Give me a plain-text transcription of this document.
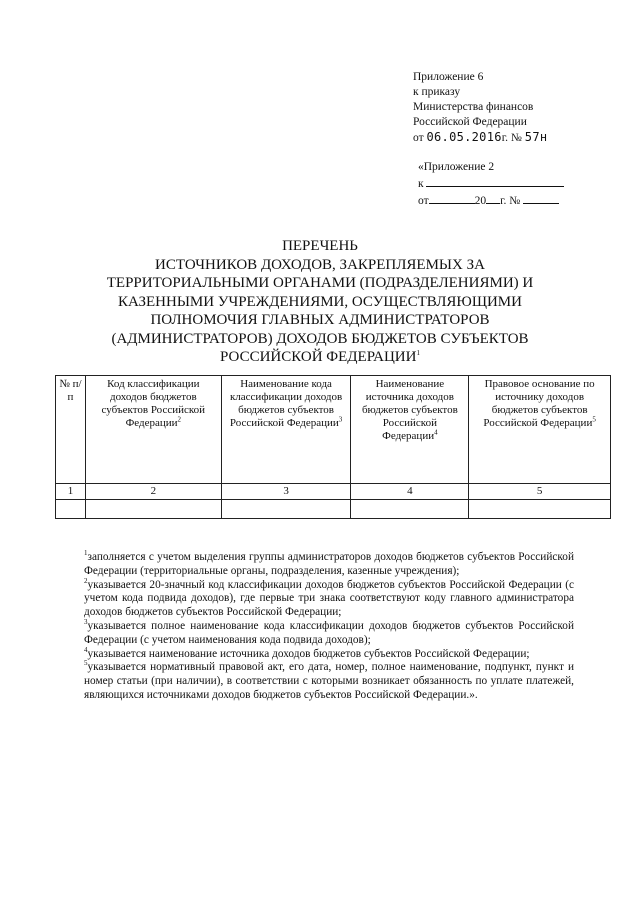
Приложение 6
к приказу
Министерства финансов
Российской Федерации
от 06.05.2016г. № 57н
«Приложение 2
к
от	20 г. №
ПЕРЕЧЕНЬ
ИСТОЧНИКОВ ДОХОДОВ, ЗАКРЕПЛЯЕМЫХ ЗА
ТЕРРИТОРИАЛЬНЫМИ ОРГАНАМИ (ПОДРАЗДЕЛЕНИЯМИ) И
КАЗЕННЫМИ УЧРЕЖДЕНИЯМИ, ОСУЩЕСТВЛЯЮЩИМИ
ПОЛНОМОЧИЯ ГЛАВНЫХ АДМИНИСТРАТОРОВ
(АДМИНИСТРАТОРОВ) ДОХОДОВ БЮДЖЕТОВ СУБЪЕКТОВ
РОССИЙСКОЙ ФЕДЕРАЦИИ$^1$
№ п/п	Код классификации доходов бюджетов субъектов Российской Федерации$^2$	Наименование кода классификации доходов бюджетов субъектов Российской Федерации$^3$	Наименование источника доходов бюджетов субъектов Российской Федерации$^4$	Правовое основание по источнику доходов бюджетов субъектов Российской Федерации$^5$
1	2	3	4	5

$^1$заполняется с учетом выделения группы администраторов доходов бюджетов субъектов Российской Федерации (территориальные органы, подразделения, казенные учреждения);

$^2$указывается 20-значный код классификации доходов бюджетов субъектов Российской Федерации (с учетом кода подвида доходов), где первые три знака соответствуют коду главного администратора доходов бюджетов субъектов Российской Федерации;

$^3$указывается полное наименование кода классификации доходов бюджетов субъектов Российской Федерации (с учетом наименования кода подвида доходов);

$^4$указывается наименование источника доходов бюджетов субъектов Российской Федерации;

$^5$указывается нормативный правовой акт, его дата, номер, полное наименование, подпункт, пункт и номер статьи (при наличии), в соответствии с которыми возникает обязанность по уплате платежей, являющихся источниками доходов бюджетов субъектов Российской Федерации.».
